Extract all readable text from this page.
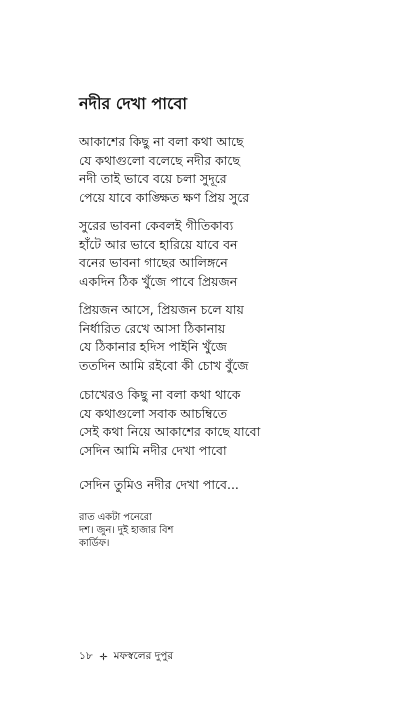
নদীর দেখা পাবো
আকাশের কিছু না বলা কথা আছে
যে কথাগুলো বলেছে নদীর কাছে
নদী তাই ভাবে বয়ে চলা সুদূরে
পেয়ে যাবে কাঙ্ক্ষিত ক্ষণ প্রিয় সুরে
সুরের ভাবনা কেবলই গীতিকাব্য
হাঁটে আর ভাবে হারিয়ে যাবে বন
বনের ভাবনা গাছের আলিঙ্গনে
একদিন ঠিক খুঁজে পাবে প্রিয়জন
প্রিয়জন আসে, প্রিয়জন চলে যায়
নির্ধারিত রেখে আসা ঠিকানায়
যে ঠিকানার হদিস পাইনি খুঁজে
ততদিন আমি রইবো কী চোখ বুঁজে
চোখেরও কিছু না বলা কথা থাকে
যে কথাগুলো সবাক আচম্বিতে
সেই কথা নিয়ে আকাশের কাছে যাবো
সেদিন আমি নদীর দেখা পাবো
সেদিন তুমিও নদীর দেখা পাবে...
রাত একটা পনেরো
দশ। জুন। দুই হাজার বিশ
কার্ডিফ।
১৮ মফস্বলের দুপুর
